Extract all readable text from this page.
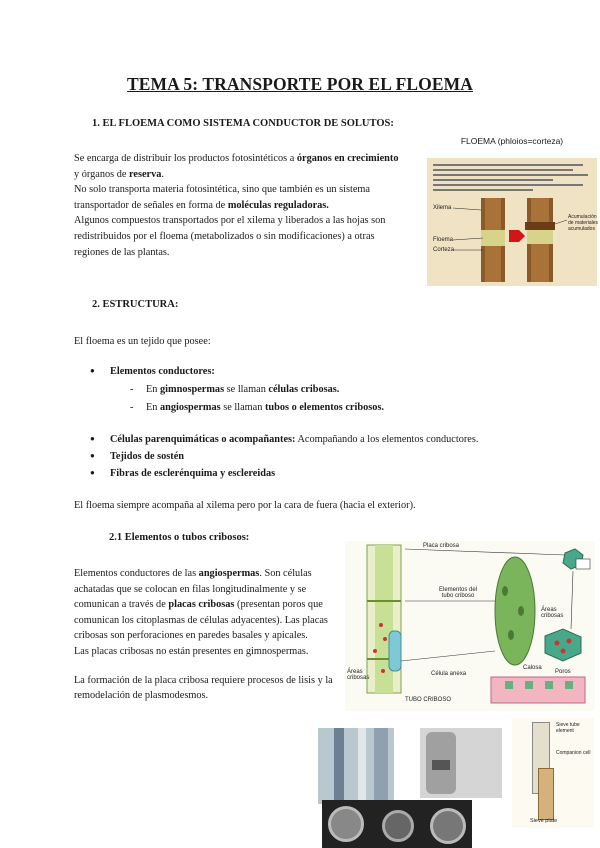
TEMA 5: TRANSPORTE POR EL FLOEMA
1. EL FLOEMA COMO SISTEMA CONDUCTOR DE SOLUTOS:
Se encarga de distribuir los productos fotosintéticos a órganos en crecimiento
y órganos de reserva.
No solo transporta materia fotosintética, sino que también es un sistema
transportador de señales en forma de moléculas reguladoras.
Algunos compuestos transportados por el xilema y liberados a las hojas son
redistribuidos por el floema (metabolizados o sin modificaciones) a otras
regiones de las plantas.
FLOEMA (phloios=corteza)
Xilema
Floema
Corteza
Acumulación de materiales acumulados
2. ESTRUCTURA:
El floema es un tejido que posee:
● Elementos conductores:
- En gimnospermas se llaman células cribosas.
- En angiospermas se llaman tubos o elementos cribosos.
● Células parenquimáticas o acompañantes: Acompañando a los elementos conductores.
● Tejidos de sostén
● Fibras de esclerénquima y esclereidas
El floema siempre acompaña al xilema pero por la cara de fuera (hacia el exterior).
2.1 Elementos o tubos cribosos:
Elementos conductores de las angiospermas. Son células
achatadas que se colocan en filas longitudinalmente y se
comunican a través de placas cribosas (presentan poros que
comunican los citoplasmas de células adyacentes). Las placas
cribosas son perforaciones en paredes basales y apicales.
Las placas cribosas no están presentes en gimnospermas.
La formación de la placa cribosa requiere procesos de lisis y la
remodelación de plasmodesmos.
Placa cribosa
Elementos del tubo criboso
Áreas cribosas
Áreas cribosas
Célula anexa
Calosa
Poros
TUBO CRIBOSO
Companion cell
Sieve tube element
Sieve plate
